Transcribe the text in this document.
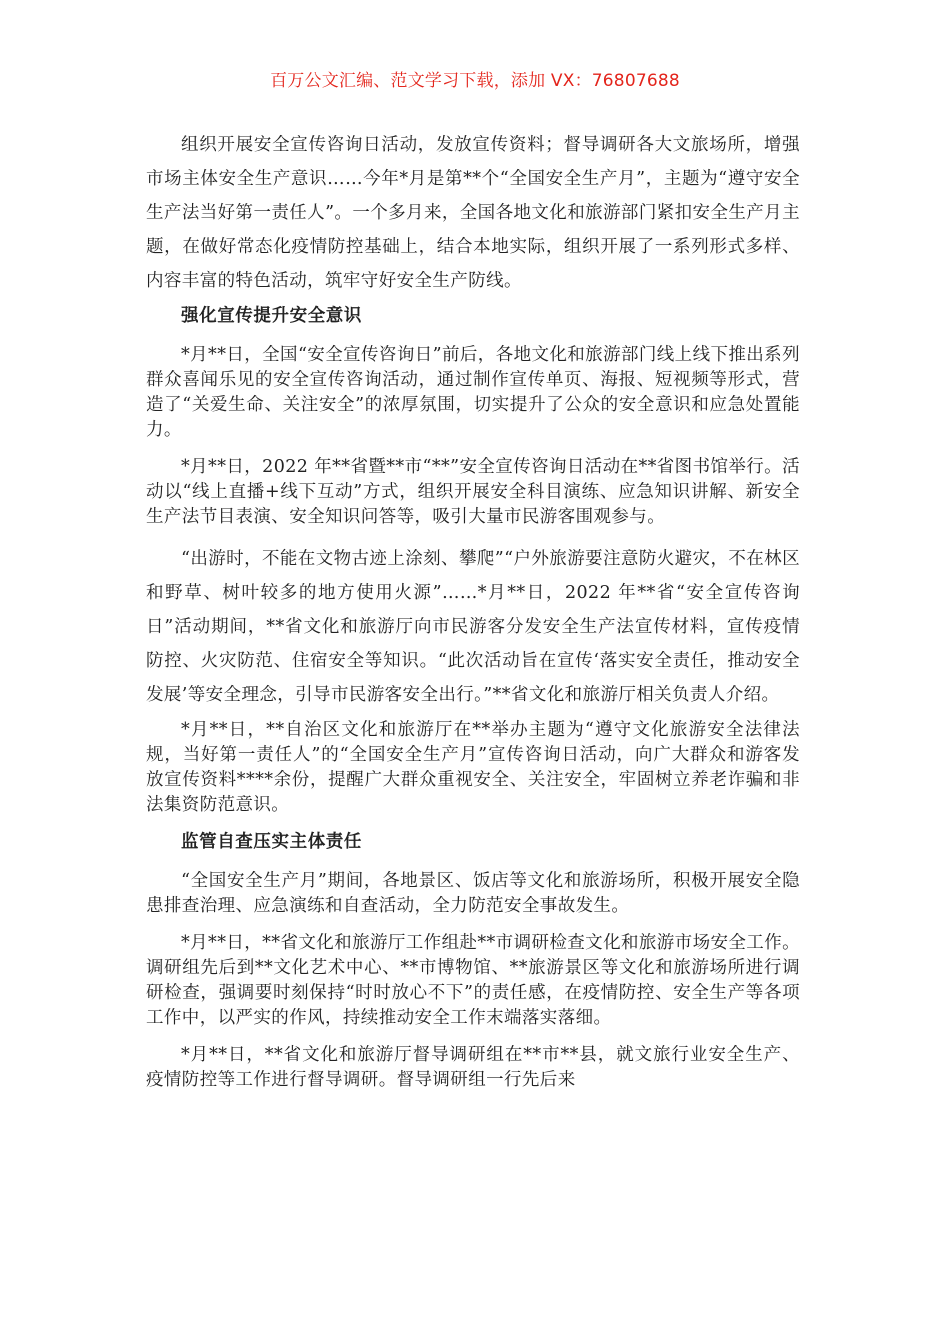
百万公文汇编、范文学习下载，添加 VX：76807688

组织开展安全宣传咨询日活动，发放宣传资料；督导调研各大文旅场所，增强市场主体安全生产意识……今年*月是第**个“全国安全生产月”，主题为“遵守安全生产法当好第一责任人”。一个多月来，全国各地文化和旅游部门紧扣安全生产月主题，在做好常态化疫情防控基础上，结合本地实际，组织开展了一系列形式多样、内容丰富的特色活动，筑牢守好安全生产防线。

强化宣传提升安全意识

*月**日，全国“安全宣传咨询日”前后，各地文化和旅游部门线上线下推出系列群众喜闻乐见的安全宣传咨询活动，通过制作宣传单页、海报、短视频等形式，营造了“关爱生命、关注安全”的浓厚氛围，切实提升了公众的安全意识和应急处置能力。

*月**日，2022 年**省暨**市“**”安全宣传咨询日活动在**省图书馆举行。活动以“线上直播+线下互动”方式，组织开展安全科目演练、应急知识讲解、新安全生产法节目表演、安全知识问答等，吸引大量市民游客围观参与。

“出游时，不能在文物古迹上涂刻、攀爬”“户外旅游要注意防火避灾，不在林区和野草、树叶较多的地方使用火源”……*月**日，2022 年**省“安全宣传咨询日”活动期间，**省文化和旅游厅向市民游客分发安全生产法宣传材料，宣传疫情防控、火灾防范、住宿安全等知识。“此次活动旨在宣传‘落实安全责任，推动安全发展’等安全理念，引导市民游客安全出行。”**省文化和旅游厅相关负责人介绍。

*月**日，**自治区文化和旅游厅在**举办主题为“遵守文化旅游安全法律法规，当好第一责任人”的“全国安全生产月”宣传咨询日活动，向广大群众和游客发放宣传资料****余份，提醒广大群众重视安全、关注安全，牢固树立养老诈骗和非法集资防范意识。

监管自查压实主体责任

“全国安全生产月”期间，各地景区、饭店等文化和旅游场所，积极开展安全隐患排查治理、应急演练和自查活动，全力防范安全事故发生。

*月**日，**省文化和旅游厅工作组赴**市调研检查文化和旅游市场安全工作。调研组先后到**文化艺术中心、**市博物馆、**旅游景区等文化和旅游场所进行调研检查，强调要时刻保持“时时放心不下”的责任感，在疫情防控、安全生产等各项工作中，以严实的作风，持续推动安全工作末端落实落细。

*月**日，**省文化和旅游厅督导调研组在**市**县，就文旅行业安全生产、疫情防控等工作进行督导调研。督导调研组一行先后来
